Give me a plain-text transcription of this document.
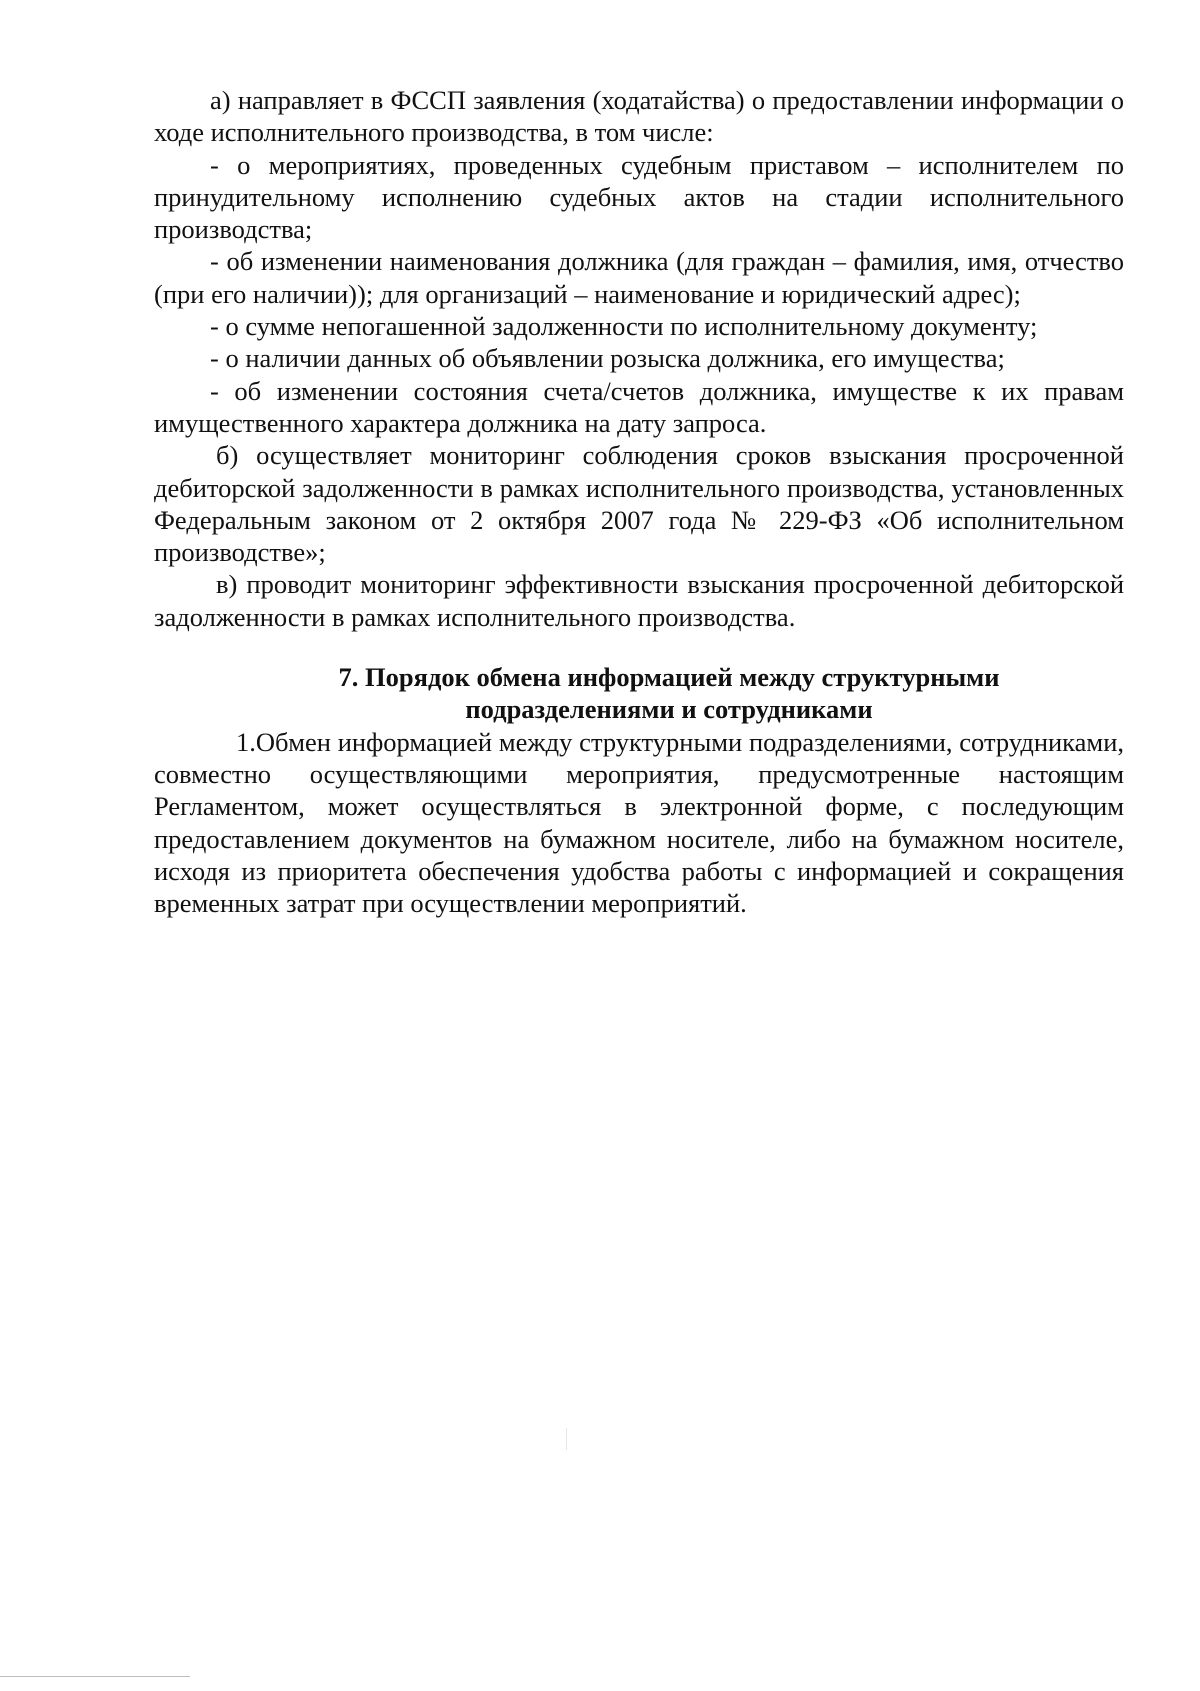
а) направляет в ФССП заявления (ходатайства) о предоставлении информации о ходе исполнительного производства, в том числе:

- о мероприятиях, проведенных судебным приставом – исполнителем по принудительному исполнению судебных актов на стадии исполнительного производства;

- об изменении наименования должника (для граждан – фамилия, имя, отчество (при его наличии)); для организаций – наименование и юридический адрес);

- о сумме непогашенной задолженности по исполнительному документу;

- о наличии данных об объявлении розыска должника, его имущества;

- об изменении состояния счета/счетов должника, имуществе к их правам имущественного характера должника на дату запроса.

б) осуществляет мониторинг соблюдения сроков взыскания просроченной дебиторской задолженности в рамках исполнительного производства, установленных Федеральным законом от 2 октября 2007 года № 229-ФЗ «Об исполнительном производстве»;

в) проводит мониторинг эффективности взыскания просроченной дебиторской задолженности в рамках исполнительного производства.

7. Порядок обмена информацией между структурными
подразделениями и сотрудниками

1.Обмен информацией между структурными подразделениями, сотрудниками, совместно осуществляющими мероприятия, предусмотренные настоящим Регламентом, может осуществляться в электронной форме, с последующим предоставлением документов на бумажном носителе, либо на бумажном носителе, исходя из приоритета обеспечения удобства работы с информацией и сокращения временных затрат при осуществлении мероприятий.
